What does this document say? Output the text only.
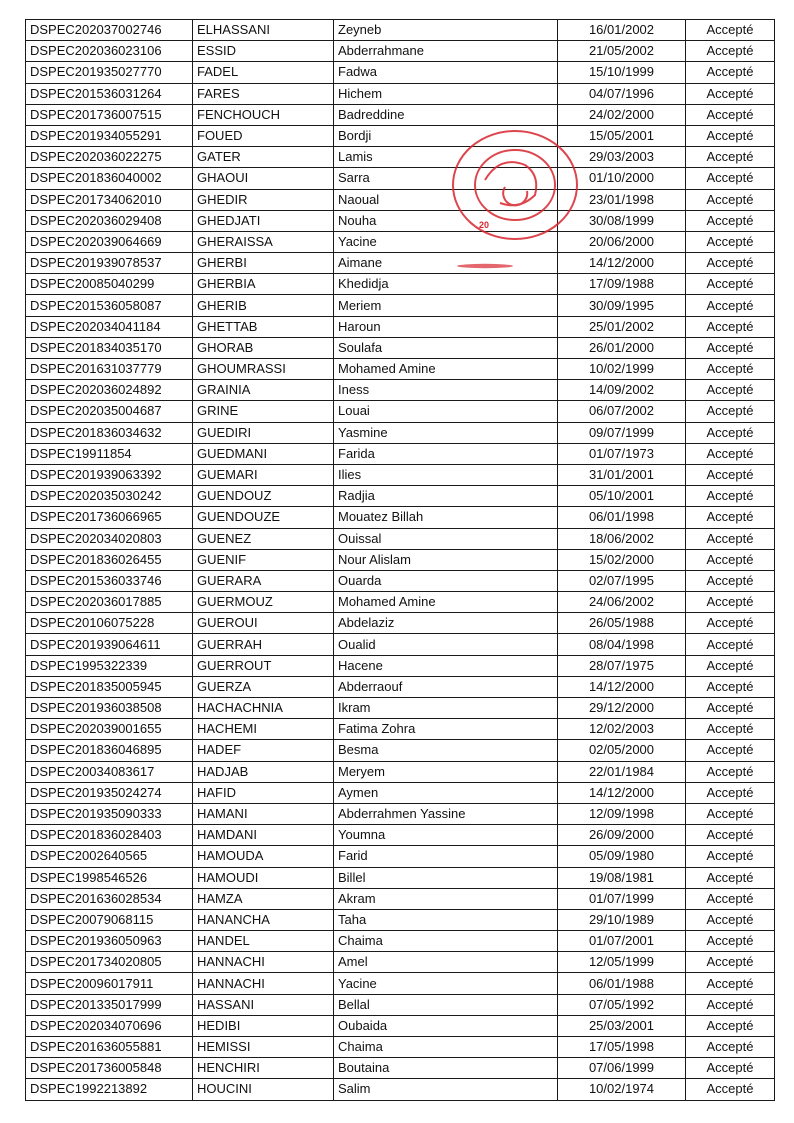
DSPEC202037002746	ELHASSANI	Zeyneb	16/01/2002	Accepté
DSPEC202036023106	ESSID	Abderrahmane	21/05/2002	Accepté
DSPEC201935027770	FADEL	Fadwa	15/10/1999	Accepté
DSPEC201536031264	FARES	Hichem	04/07/1996	Accepté
DSPEC201736007515	FENCHOUCH	Badreddine	24/02/2000	Accepté
DSPEC201934055291	FOUED	Bordji	15/05/2001	Accepté
DSPEC202036022275	GATER	Lamis	29/03/2003	Accepté
DSPEC201836040002	GHAOUI	Sarra	01/10/2000	Accepté
DSPEC201734062010	GHEDIR	Naoual	23/01/1998	Accepté
DSPEC202036029408	GHEDJATI	Nouha	30/08/1999	Accepté
DSPEC202039064669	GHERAISSA	Yacine	20/06/2000	Accepté
DSPEC201939078537	GHERBI	Aimane	14/12/2000	Accepté
DSPEC20085040299	GHERBIA	Khedidja	17/09/1988	Accepté
DSPEC201536058087	GHERIB	Meriem	30/09/1995	Accepté
DSPEC202034041184	GHETTAB	Haroun	25/01/2002	Accepté
DSPEC201834035170	GHORAB	Soulafa	26/01/2000	Accepté
DSPEC201631037779	GHOUMRASSI	Mohamed Amine	10/02/1999	Accepté
DSPEC202036024892	GRAINIA	Iness	14/09/2002	Accepté
DSPEC202035004687	GRINE	Louai	06/07/2002	Accepté
DSPEC201836034632	GUEDIRI	Yasmine	09/07/1999	Accepté
DSPEC19911854	GUEDMANI	Farida	01/07/1973	Accepté
DSPEC201939063392	GUEMARI	Ilies	31/01/2001	Accepté
DSPEC202035030242	GUENDOUZ	Radjia	05/10/2001	Accepté
DSPEC201736066965	GUENDOUZE	Mouatez Billah	06/01/1998	Accepté
DSPEC202034020803	GUENEZ	Ouissal	18/06/2002	Accepté
DSPEC201836026455	GUENIF	Nour Alislam	15/02/2000	Accepté
DSPEC201536033746	GUERARA	Ouarda	02/07/1995	Accepté
DSPEC202036017885	GUERMOUZ	Mohamed Amine	24/06/2002	Accepté
DSPEC20106075228	GUEROUI	Abdelaziz	26/05/1988	Accepté
DSPEC201939064611	GUERRAH	Oualid	08/04/1998	Accepté
DSPEC1995322339	GUERROUT	Hacene	28/07/1975	Accepté
DSPEC201835005945	GUERZA	Abderraouf	14/12/2000	Accepté
DSPEC201936038508	HACHACHNIA	Ikram	29/12/2000	Accepté
DSPEC202039001655	HACHEMI	Fatima Zohra	12/02/2003	Accepté
DSPEC201836046895	HADEF	Besma	02/05/2000	Accepté
DSPEC20034083617	HADJAB	Meryem	22/01/1984	Accepté
DSPEC201935024274	HAFID	Aymen	14/12/2000	Accepté
DSPEC201935090333	HAMANI	Abderrahmen Yassine	12/09/1998	Accepté
DSPEC201836028403	HAMDANI	Youmna	26/09/2000	Accepté
DSPEC2002640565	HAMOUDA	Farid	05/09/1980	Accepté
DSPEC1998546526	HAMOUDI	Billel	19/08/1981	Accepté
DSPEC201636028534	HAMZA	Akram	01/07/1999	Accepté
DSPEC20079068115	HANANCHA	Taha	29/10/1989	Accepté
DSPEC201936050963	HANDEL	Chaima	01/07/2001	Accepté
DSPEC201734020805	HANNACHI	Amel	12/05/1999	Accepté
DSPEC20096017911	HANNACHI	Yacine	06/01/1988	Accepté
DSPEC201335017999	HASSANI	Bellal	07/05/1992	Accepté
DSPEC202034070696	HEDIBI	Oubaida	25/03/2001	Accepté
DSPEC201636055881	HEMISSI	Chaima	17/05/1998	Accepté
DSPEC201736005848	HENCHIRI	Boutaina	07/06/1999	Accepté
DSPEC1992213892	HOUCINI	Salim	10/02/1974	Accepté
20
